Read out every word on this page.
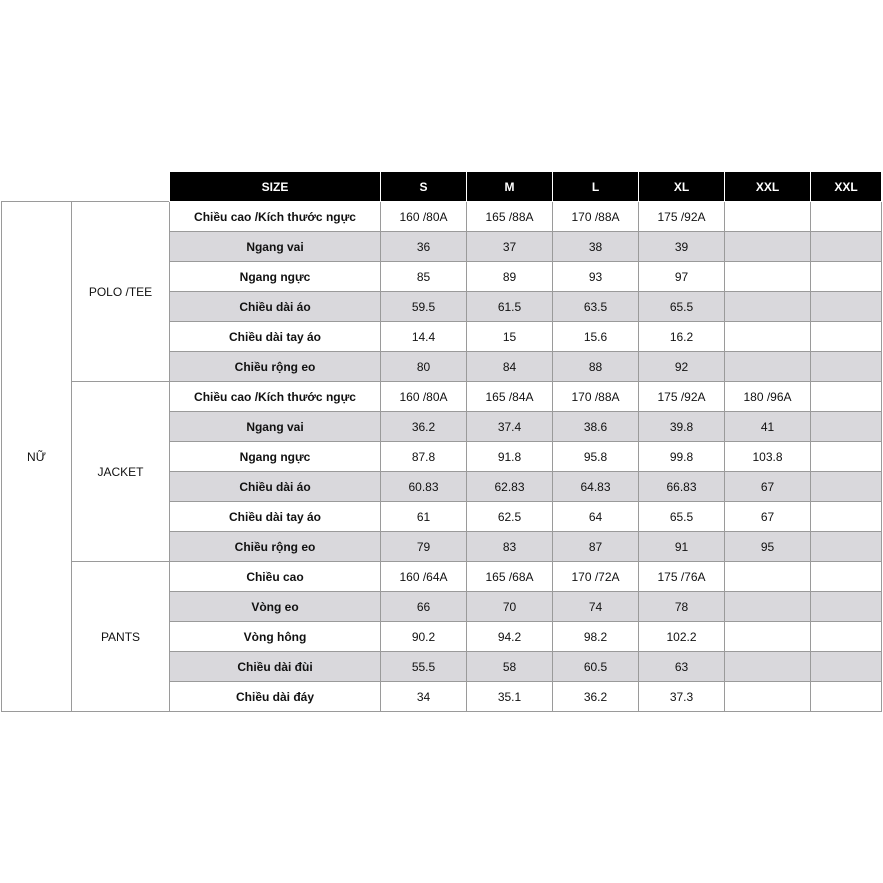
		SIZE	S	M	L	XL	XXL	XXL
NỮ	POLO /TEE	Chiều cao /Kích thước ngực	160 /80A	165 /88A	170 /88A	175 /92A		
		Ngang vai	36	37	38	39		
		Ngang ngực	85	89	93	97		
		Chiều dài áo	59.5	61.5	63.5	65.5		
		Chiều dài tay áo	14.4	15	15.6	16.2		
		Chiều rộng eo	80	84	88	92		
	JACKET	Chiều cao /Kích thước ngực	160 /80A	165 /84A	170 /88A	175 /92A	180 /96A	
		Ngang vai	36.2	37.4	38.6	39.8	41	
		Ngang ngực	87.8	91.8	95.8	99.8	103.8	
		Chiều dài áo	60.83	62.83	64.83	66.83	67	
		Chiều dài tay áo	61	62.5	64	65.5	67	
		Chiều rộng eo	79	83	87	91	95	
	PANTS	Chiều cao	160 /64A	165 /68A	170 /72A	175 /76A		
		Vòng eo	66	70	74	78		
		Vòng hông	90.2	94.2	98.2	102.2		
		Chiều dài đùi	55.5	58	60.5	63		
		Chiều dài đáy	34	35.1	36.2	37.3		
